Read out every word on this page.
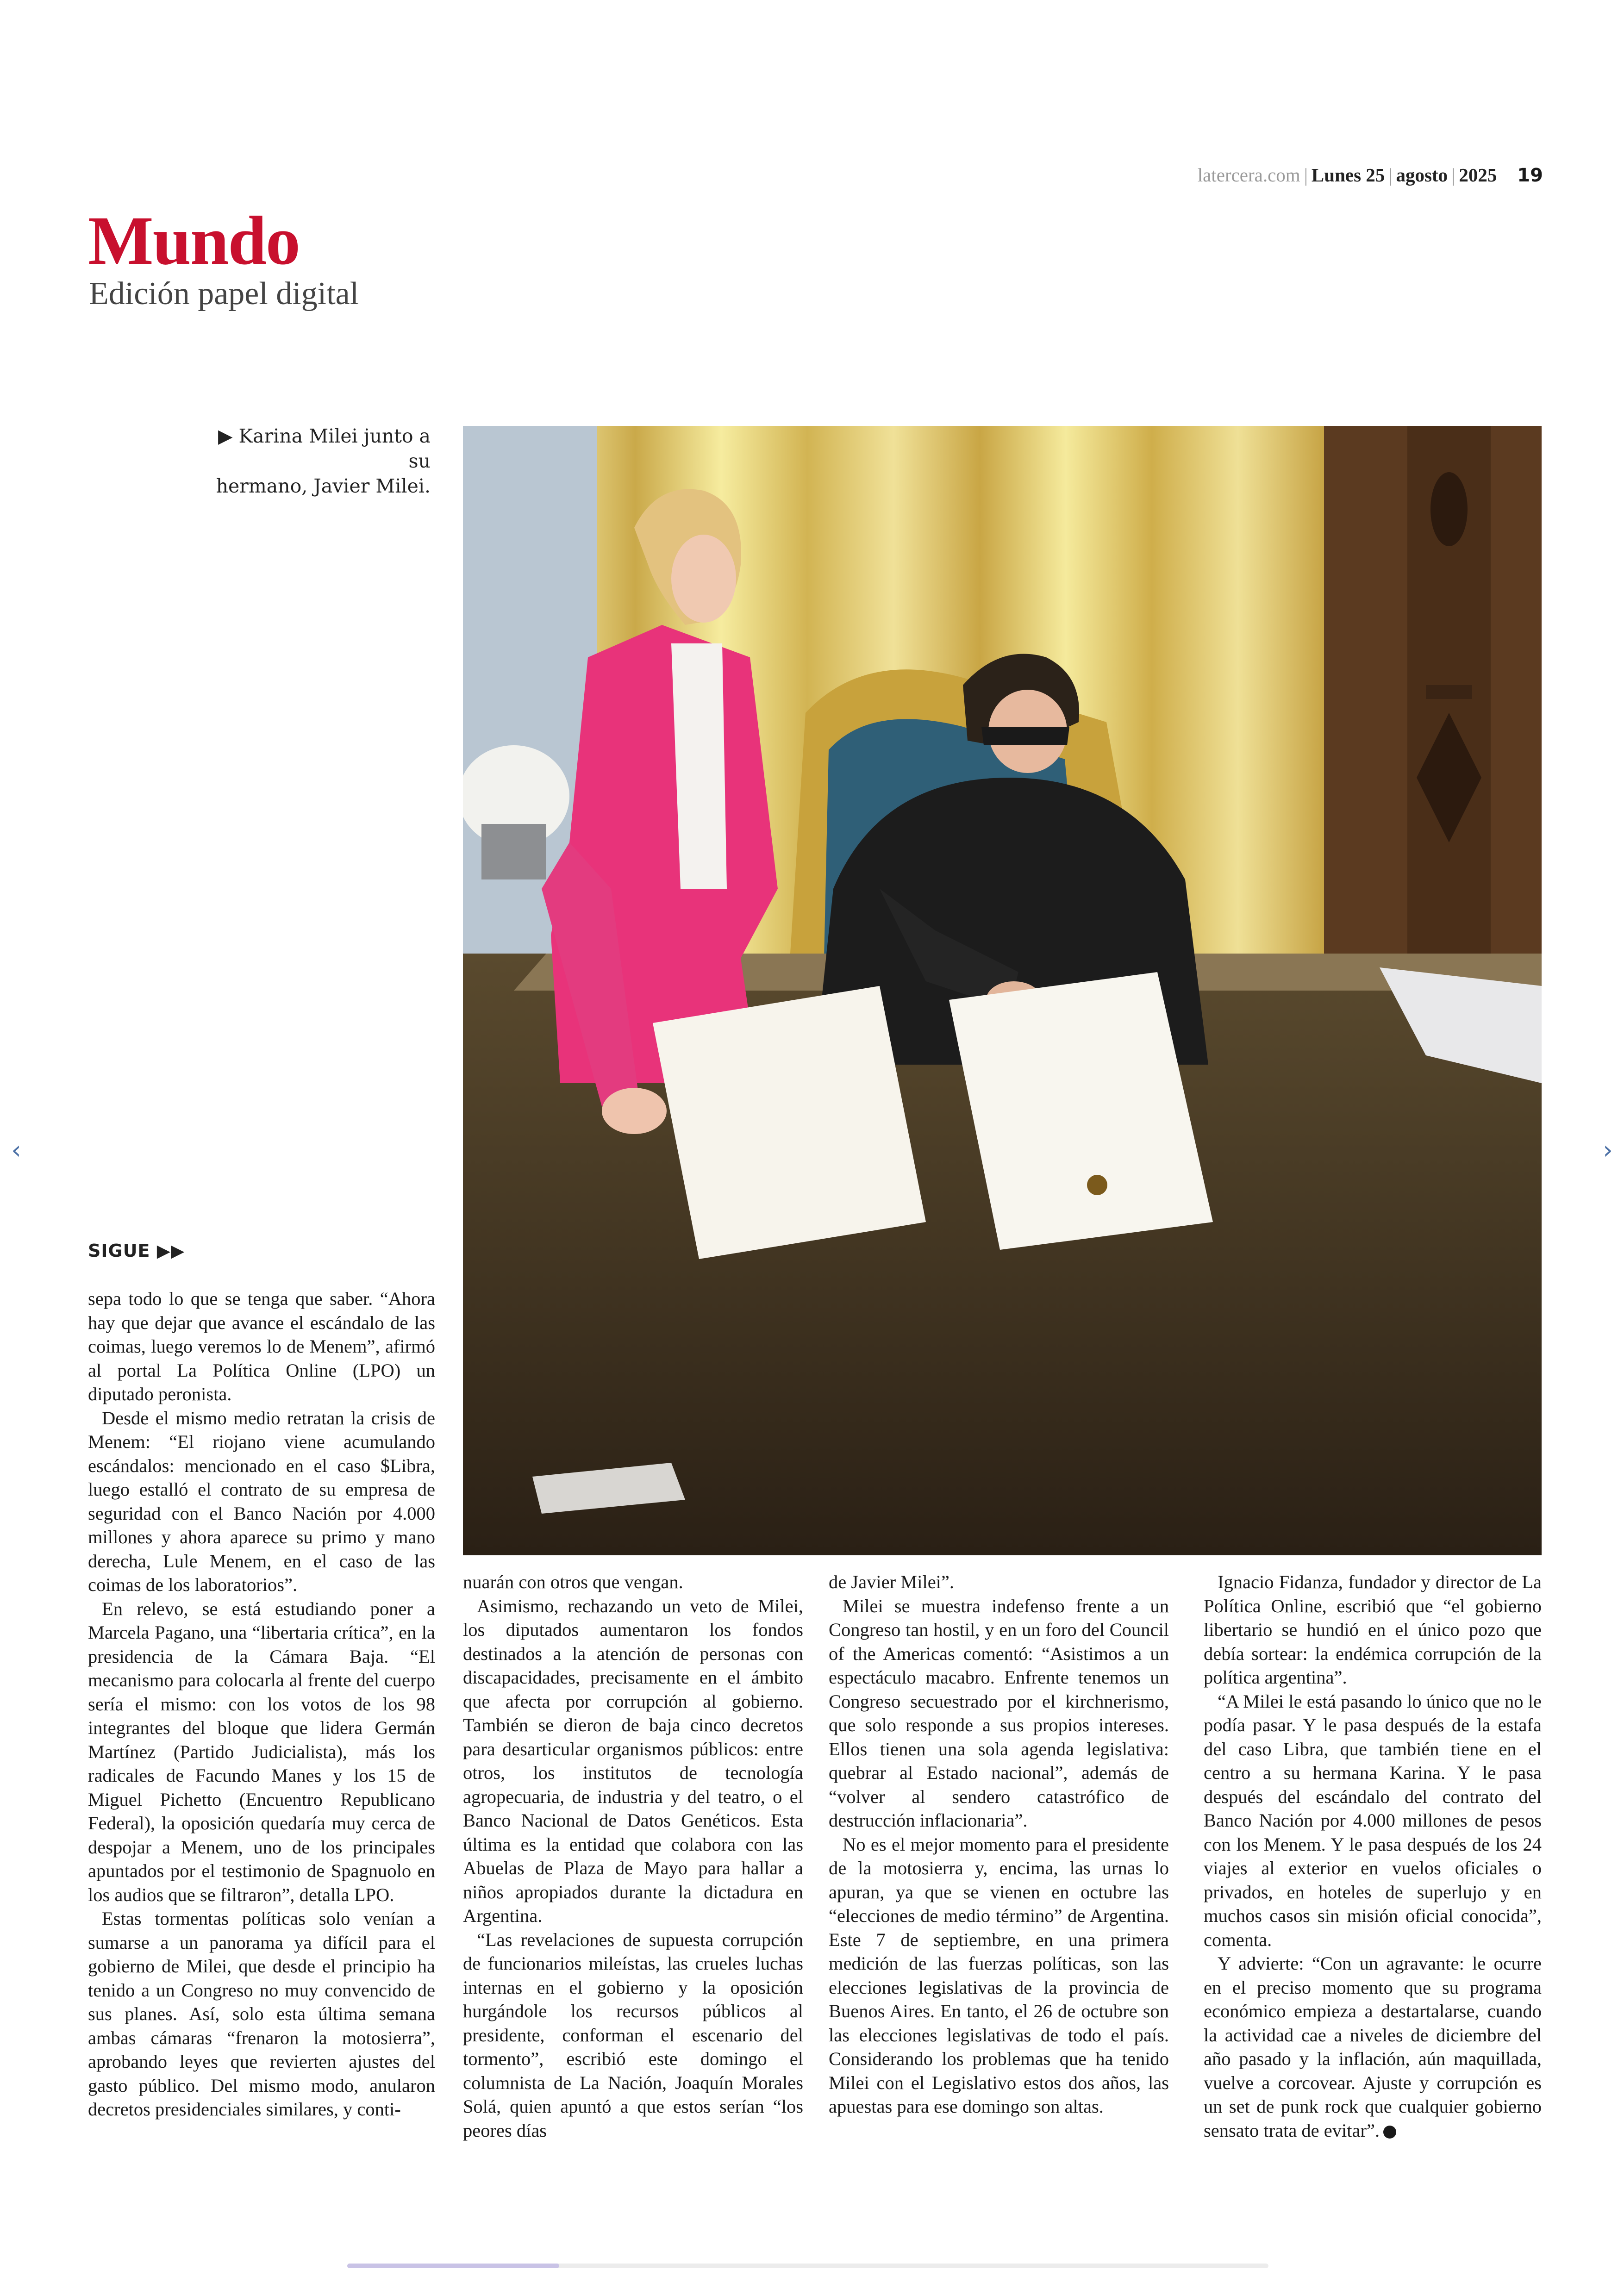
latercera.com | Lunes 25 | agosto | 2025 19
Mundo
Edición papel digital
▶ Karina Milei junto a su
hermano, Javier Milei.
SIGUE ▶▶

sepa todo lo que se tenga que saber. “Ahora hay que dejar que avance el escándalo de las coimas, luego veremos lo de Menem”, afirmó al portal La Política Online (LPO) un diputado peronista.

Desde el mismo medio retratan la crisis de Menem: “El riojano viene acumulando escándalos: mencionado en el caso $Libra, luego estalló el contrato de su empresa de seguridad con el Banco Nación por 4.000 millones y ahora aparece su primo y mano derecha, Lule Menem, en el caso de las coimas de los laboratorios”.

En relevo, se está estudiando poner a Marcela Pagano, una “libertaria crítica”, en la presidencia de la Cámara Baja. “El mecanismo para colocarla al frente del cuerpo sería el mismo: con los votos de los 98 integrantes del bloque que lidera Germán Martínez (Partido Judicialista), más los radicales de Facundo Manes y los 15 de Miguel Pichetto (Encuentro Republicano Federal), la oposición quedaría muy cerca de despojar a Menem, uno de los principales apuntados por el testimonio de Spagnuolo en los audios que se filtraron”, detalla LPO.

Estas tormentas políticas solo venían a sumarse a un panorama ya difícil para el gobierno de Milei, que desde el principio ha tenido a un Congreso no muy convencido de sus planes. Así, solo esta última semana ambas cámaras “frenaron la motosierra”, aprobando leyes que revierten ajustes del gasto público. Del mismo modo, anularon decretos presidenciales similares, y conti-

nuarán con otros que vengan.

Asimismo, rechazando un veto de Milei, los diputados aumentaron los fondos destinados a la atención de personas con discapacidades, precisamente en el ámbito que afecta por corrupción al gobierno. También se dieron de baja cinco decretos para desarticular organismos públicos: entre otros, los institutos de tecnología agropecuaria, de industria y del teatro, o el Banco Nacional de Datos Genéticos. Esta última es la entidad que colabora con las Abuelas de Plaza de Mayo para hallar a niños apropiados durante la dictadura en Argentina.

“Las revelaciones de supuesta corrupción de funcionarios mileístas, las crueles luchas internas en el gobierno y la oposición hurgándole los recursos públicos al presidente, conforman el escenario del tormento”, escribió este domingo el columnista de La Nación, Joaquín Morales Solá, quien apuntó a que estos serían “los peores días

de Javier Milei”.

Milei se muestra indefenso frente a un Congreso tan hostil, y en un foro del Council of the Americas comentó: “Asistimos a un espectáculo macabro. Enfrente tenemos un Congreso secuestrado por el kirchnerismo, que solo responde a sus propios intereses. Ellos tienen una sola agenda legislativa: quebrar al Estado nacional”, además de “volver al sendero catastrófico de destrucción inflacionaria”.

No es el mejor momento para el presidente de la motosierra y, encima, las urnas lo apuran, ya que se vienen en octubre las “elecciones de medio término” de Argentina. Este 7 de septiembre, en una primera medición de las fuerzas políticas, son las elecciones legislativas de la provincia de Buenos Aires. En tanto, el 26 de octubre son las elecciones legislativas de todo el país. Considerando los problemas que ha tenido Milei con el Legislativo estos dos años, las apuestas para ese domingo son altas.

Ignacio Fidanza, fundador y director de La Política Online, escribió que “el gobierno libertario se hundió en el único pozo que debía sortear: la endémica corrupción de la política argentina”.

“A Milei le está pasando lo único que no le podía pasar. Y le pasa después de la estafa del caso Libra, que también tiene en el centro a su hermana Karina. Y le pasa después del escándalo del contrato del Banco Nación por 4.000 millones de pesos con los Menem. Y le pasa después de los 24 viajes al exterior en vuelos oficiales o privados, en hoteles de superlujo y en muchos casos sin misión oficial conocida”, comenta.

Y advierte: “Con un agravante: le ocurre en el preciso momento que su programa económico empieza a destartalarse, cuando la actividad cae a niveles de diciembre del año pasado y la inflación, aún maquillada, vuelve a corcovear. Ajuste y corrupción es un set de punk rock que cualquier gobierno sensato trata de evitar”.

‹	›
